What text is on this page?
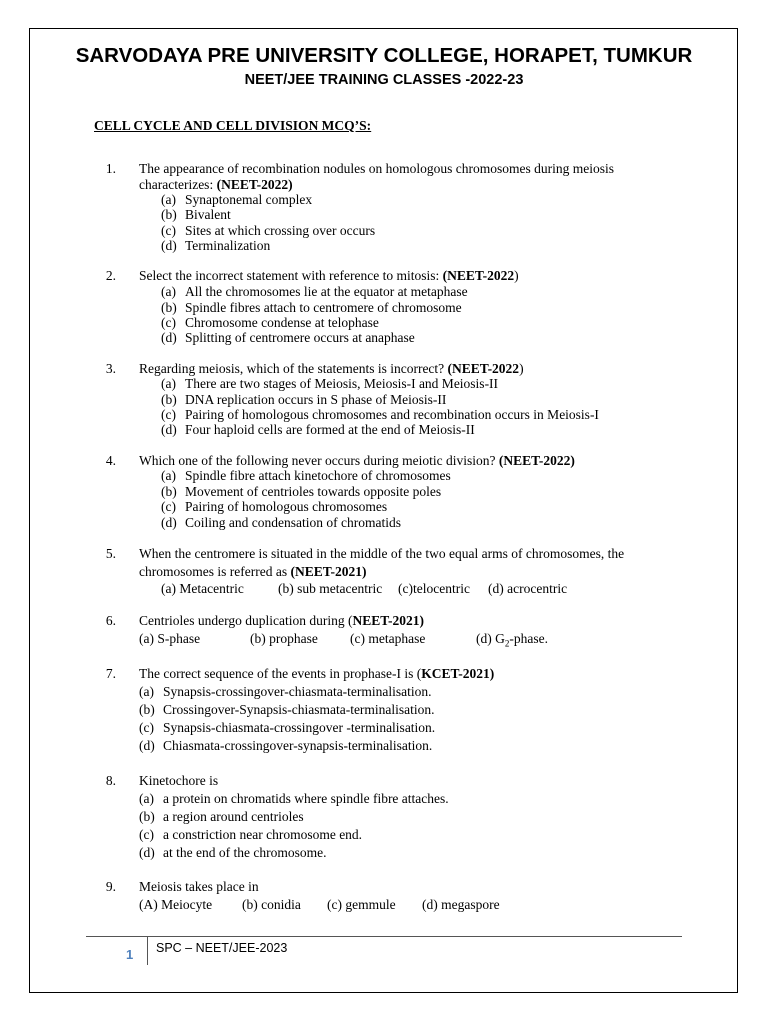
SARVODAYA PRE UNIVERSITY COLLEGE, HORAPET, TUMKUR
NEET/JEE TRAINING CLASSES -2022-23
CELL CYCLE AND CELL DIVISION MCQ’S:
1. The appearance of recombination nodules on homologous chromosomes during meiosis
characterizes: (NEET-2022)
(a) Synaptonemal complex
(b) Bivalent
(c) Sites at which crossing over occurs
(d) Terminalization
2. Select the incorrect statement with reference to mitosis: (NEET-2022)
(a) All the chromosomes lie at the equator at metaphase
(b) Spindle fibres attach to centromere of chromosome
(c) Chromosome condense at telophase
(d) Splitting of centromere occurs at anaphase
3. Regarding meiosis, which of the statements is incorrect? (NEET-2022)
(a) There are two stages of Meiosis, Meiosis-I and Meiosis-II
(b) DNA replication occurs in S phase of Meiosis-II
(c) Pairing of homologous chromosomes and recombination occurs in Meiosis-I
(d) Four haploid cells are formed at the end of Meiosis-II
4. Which one of the following never occurs during meiotic division? (NEET-2022)
(a) Spindle fibre attach kinetochore of chromosomes
(b) Movement of centrioles towards opposite poles
(c) Pairing of homologous chromosomes
(d) Coiling and condensation of chromatids
5. When the centromere is situated in the middle of the two equal arms of chromosomes, the
chromosomes is referred as (NEET-2021)
(a) Metacentric	(b) sub metacentric (c)telocentric (d) acrocentric
6. Centrioles undergo duplication during (NEET-2021)
(a) S-phase	(b) prophase (c) metaphase	(d) $G_2$-phase.
7. The correct sequence of the events in prophase-I is (KCET-2021)
(a) Synapsis-crossingover-chiasmata-terminalisation.
(b) Crossingover-Synapsis-chiasmata-terminalisation.
(c) Synapsis-chiasmata-crossingover -terminalisation.
(d) Chiasmata-crossingover-synapsis-terminalisation.
8. Kinetochore is
(a) a protein on chromatids where spindle fibre attaches.
(b) a region around centrioles
(c) a constriction near chromosome end.
(d) at the end of the chromosome.
9. Meiosis takes place in
(A) Meiocyte (b) conidia (c) gemmule (d) megaspore
1 SPC – NEET/JEE-2023
